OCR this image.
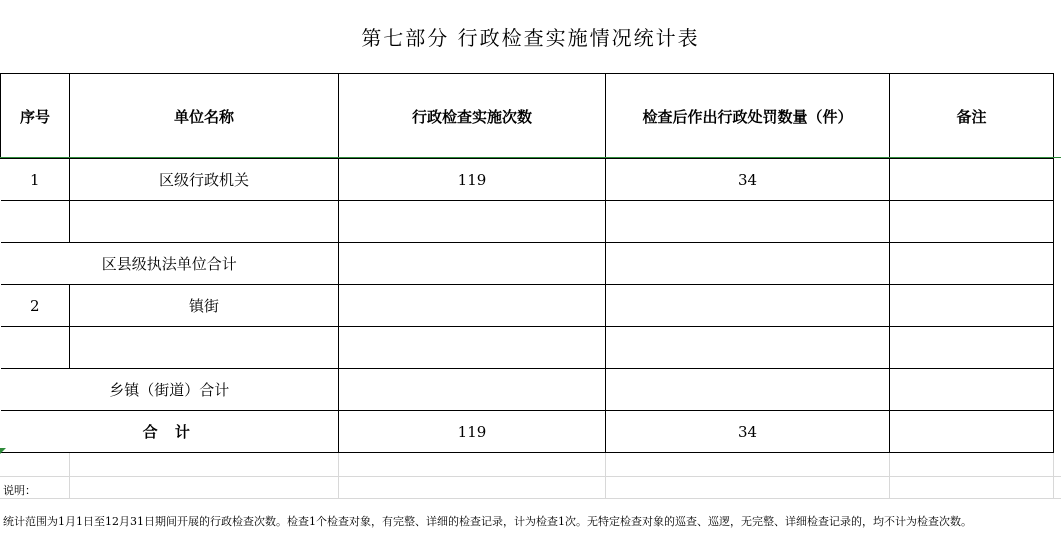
第七部分 行政检查实施情况统计表
序号	单位名称	行政检查实施次数	检查后作出行政处罚数量（件）	备注
1	区级行政机关	119	34	

区县级执法单位合计				
2	镇街			

乡镇（街道）合计				
合 计		119	34	
说明：
统计范围为1月1日至12月31日期间开展的行政检查次数。检查1个检查对象，有完整、详细的检查记录，计为检查1次。无特定检查对象的巡查、巡逻，无完整、详细检查记录的，均不计为检查次数。
